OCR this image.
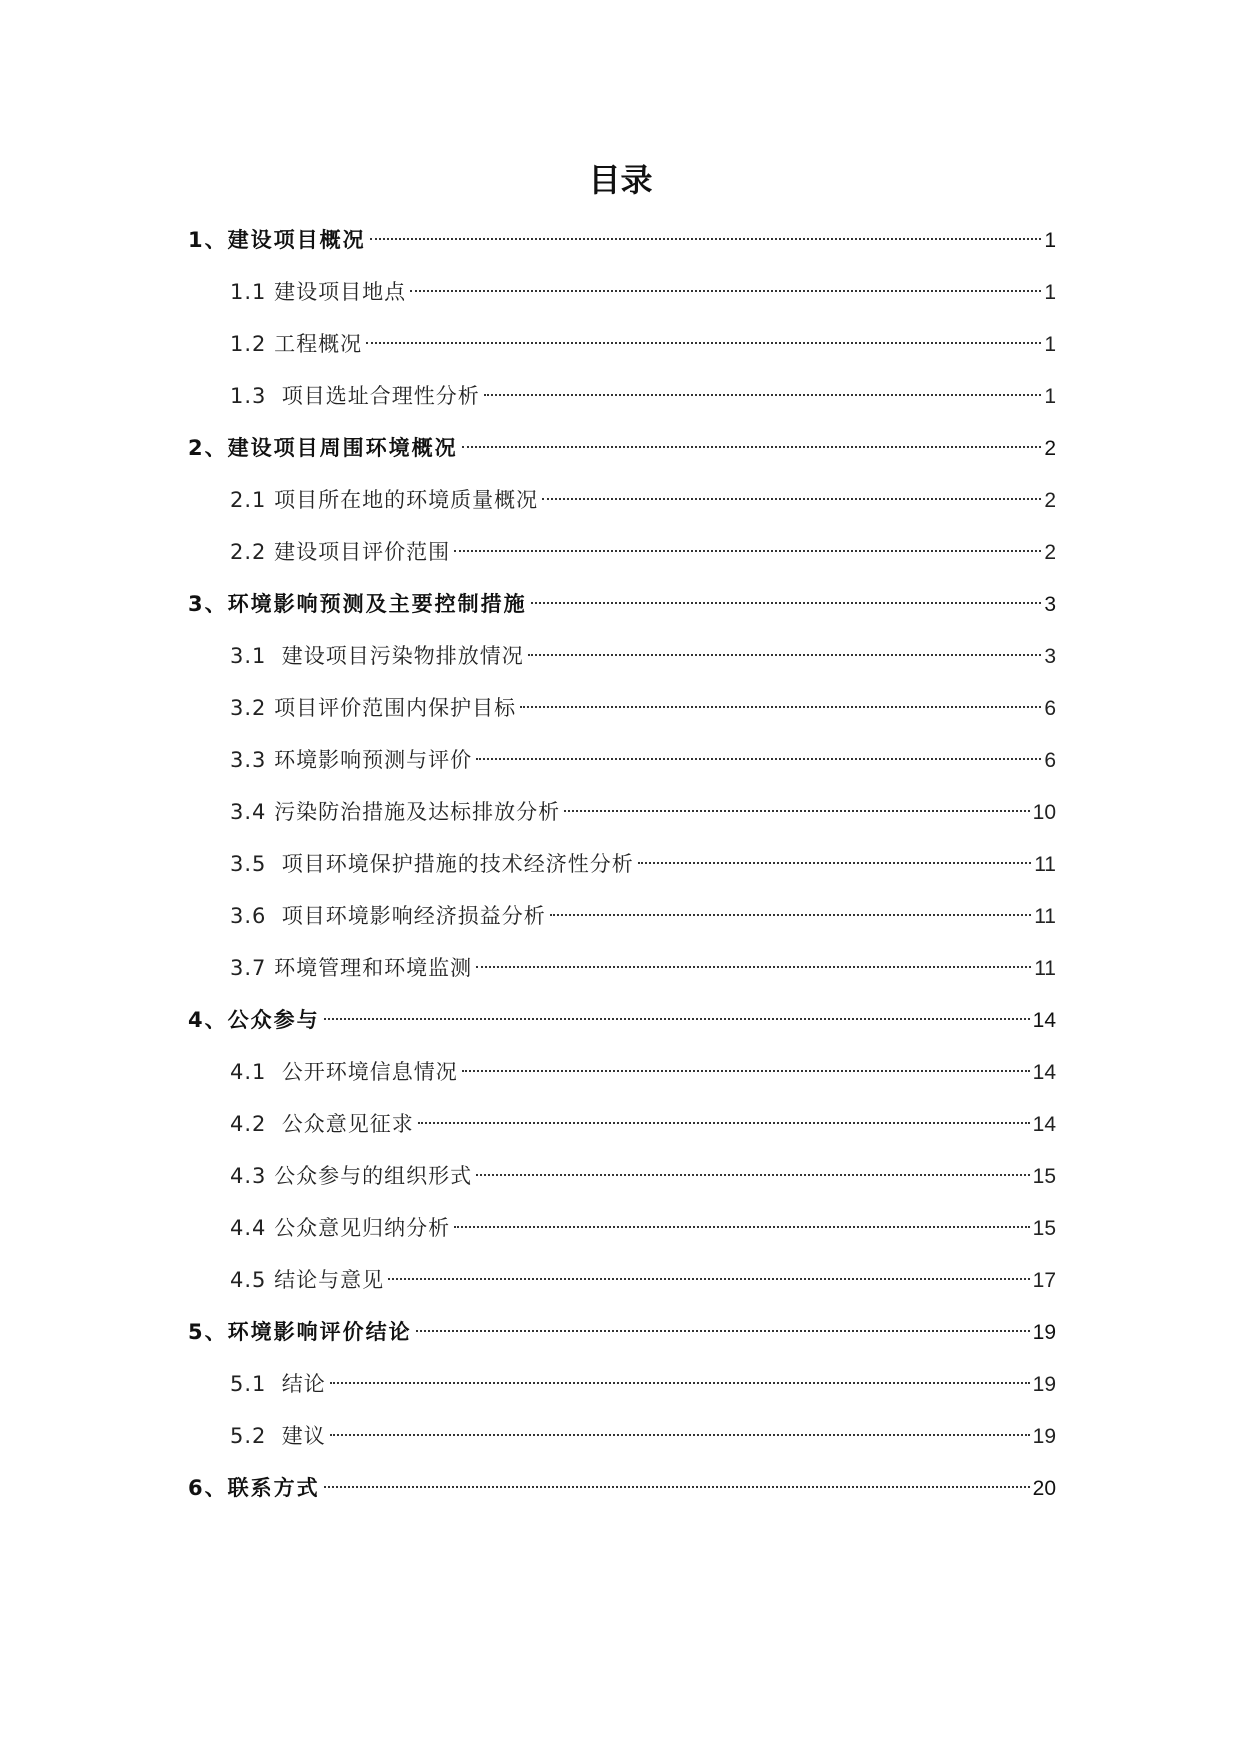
目录
1、建设项目概况	1
1.1 建设项目地点	1
1.2 工程概况	1
1.3  项目选址合理性分析	1
2、建设项目周围环境概况	2
2.1 项目所在地的环境质量概况	2
2.2 建设项目评价范围	2
3、环境影响预测及主要控制措施	3
3.1  建设项目污染物排放情况	3
3.2 项目评价范围内保护目标	6
3.3 环境影响预测与评价	6
3.4 污染防治措施及达标排放分析	10
3.5  项目环境保护措施的技术经济性分析	11
3.6  项目环境影响经济损益分析	11
3.7 环境管理和环境监测	11
4、公众参与	14
4.1  公开环境信息情况	14
4.2  公众意见征求	14
4.3 公众参与的组织形式	15
4.4 公众意见归纳分析	15
4.5 结论与意见	17
5、环境影响评价结论	19
5.1  结论	19
5.2  建议	19
6、联系方式	20
